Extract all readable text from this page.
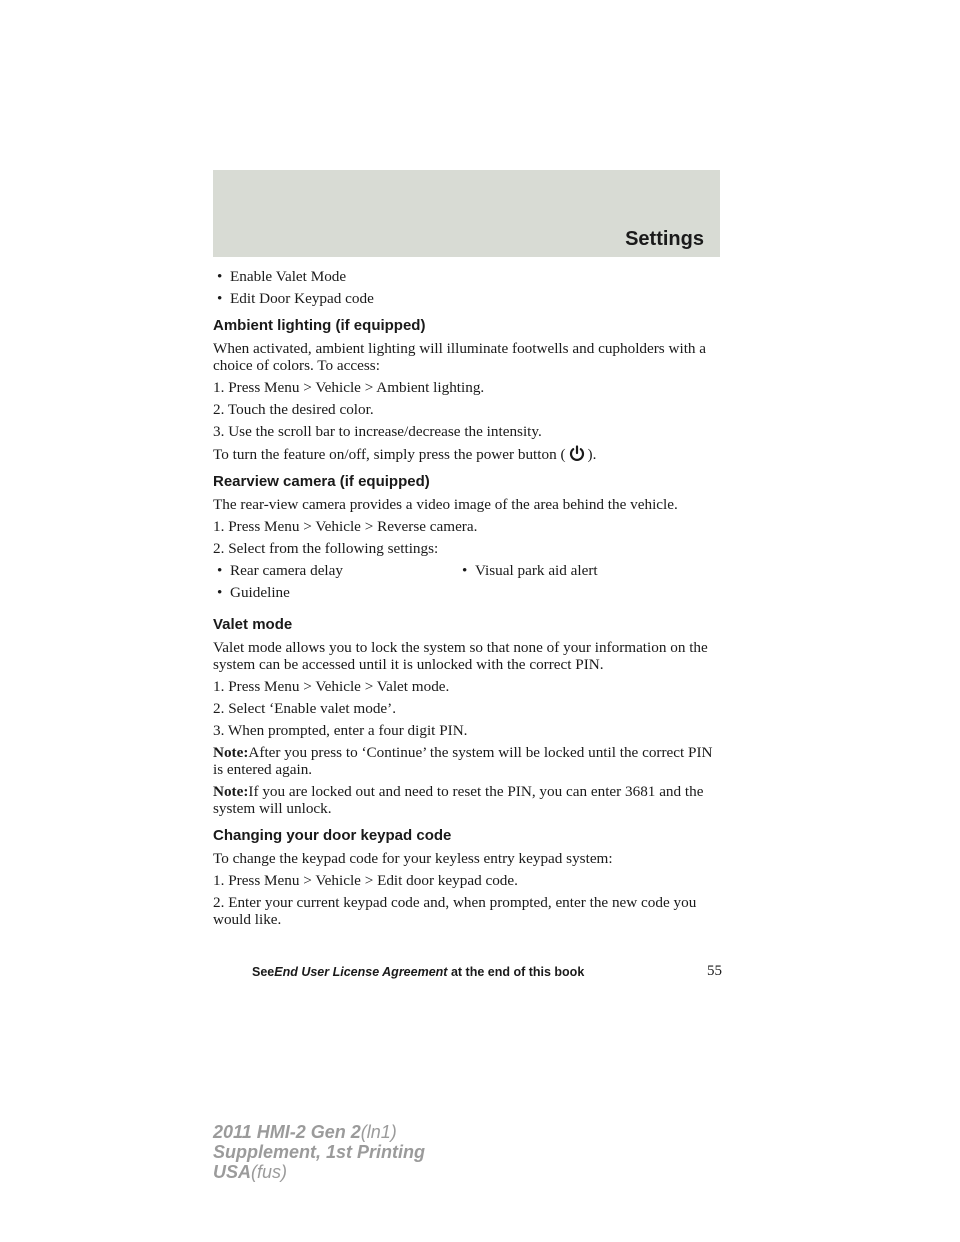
Settings
• Enable Valet Mode
• Edit Door Keypad code
Ambient lighting (if equipped)

When activated, ambient lighting will illuminate footwells and cupholders with a choice of colors. To access:

1. Press Menu > Vehicle > Ambient lighting.

2. Touch the desired color.

3. Use the scroll bar to increase/decrease the intensity.

To turn the feature on/off, simply press the power button ( ).

Rearview camera (if equipped)

The rear-view camera provides a video image of the area behind the vehicle.

1. Press Menu > Vehicle > Reverse camera.

2. Select from the following settings:

• Rear camera delay
• Guideline
• Visual park aid alert
Valet mode

Valet mode allows you to lock the system so that none of your information on the system can be accessed until it is unlocked with the correct PIN.

1. Press Menu > Vehicle > Valet mode.

2. Select ‘Enable valet mode’.

3. When prompted, enter a four digit PIN.

Note:After you press to ‘Continue’ the system will be locked until the correct PIN is entered again.

Note:If you are locked out and need to reset the PIN, you can enter 3681 and the system will unlock.

Changing your door keypad code

To change the keypad code for your keyless entry keypad system:

1. Press Menu > Vehicle > Edit door keypad code.

2. Enter your current keypad code and, when prompted, enter the new code you would like.

SeeEnd User License Agreement at the end of this book	55
2011 HMI-2 Gen 2(ln1)
Supplement, 1st Printing
USA(fus)
